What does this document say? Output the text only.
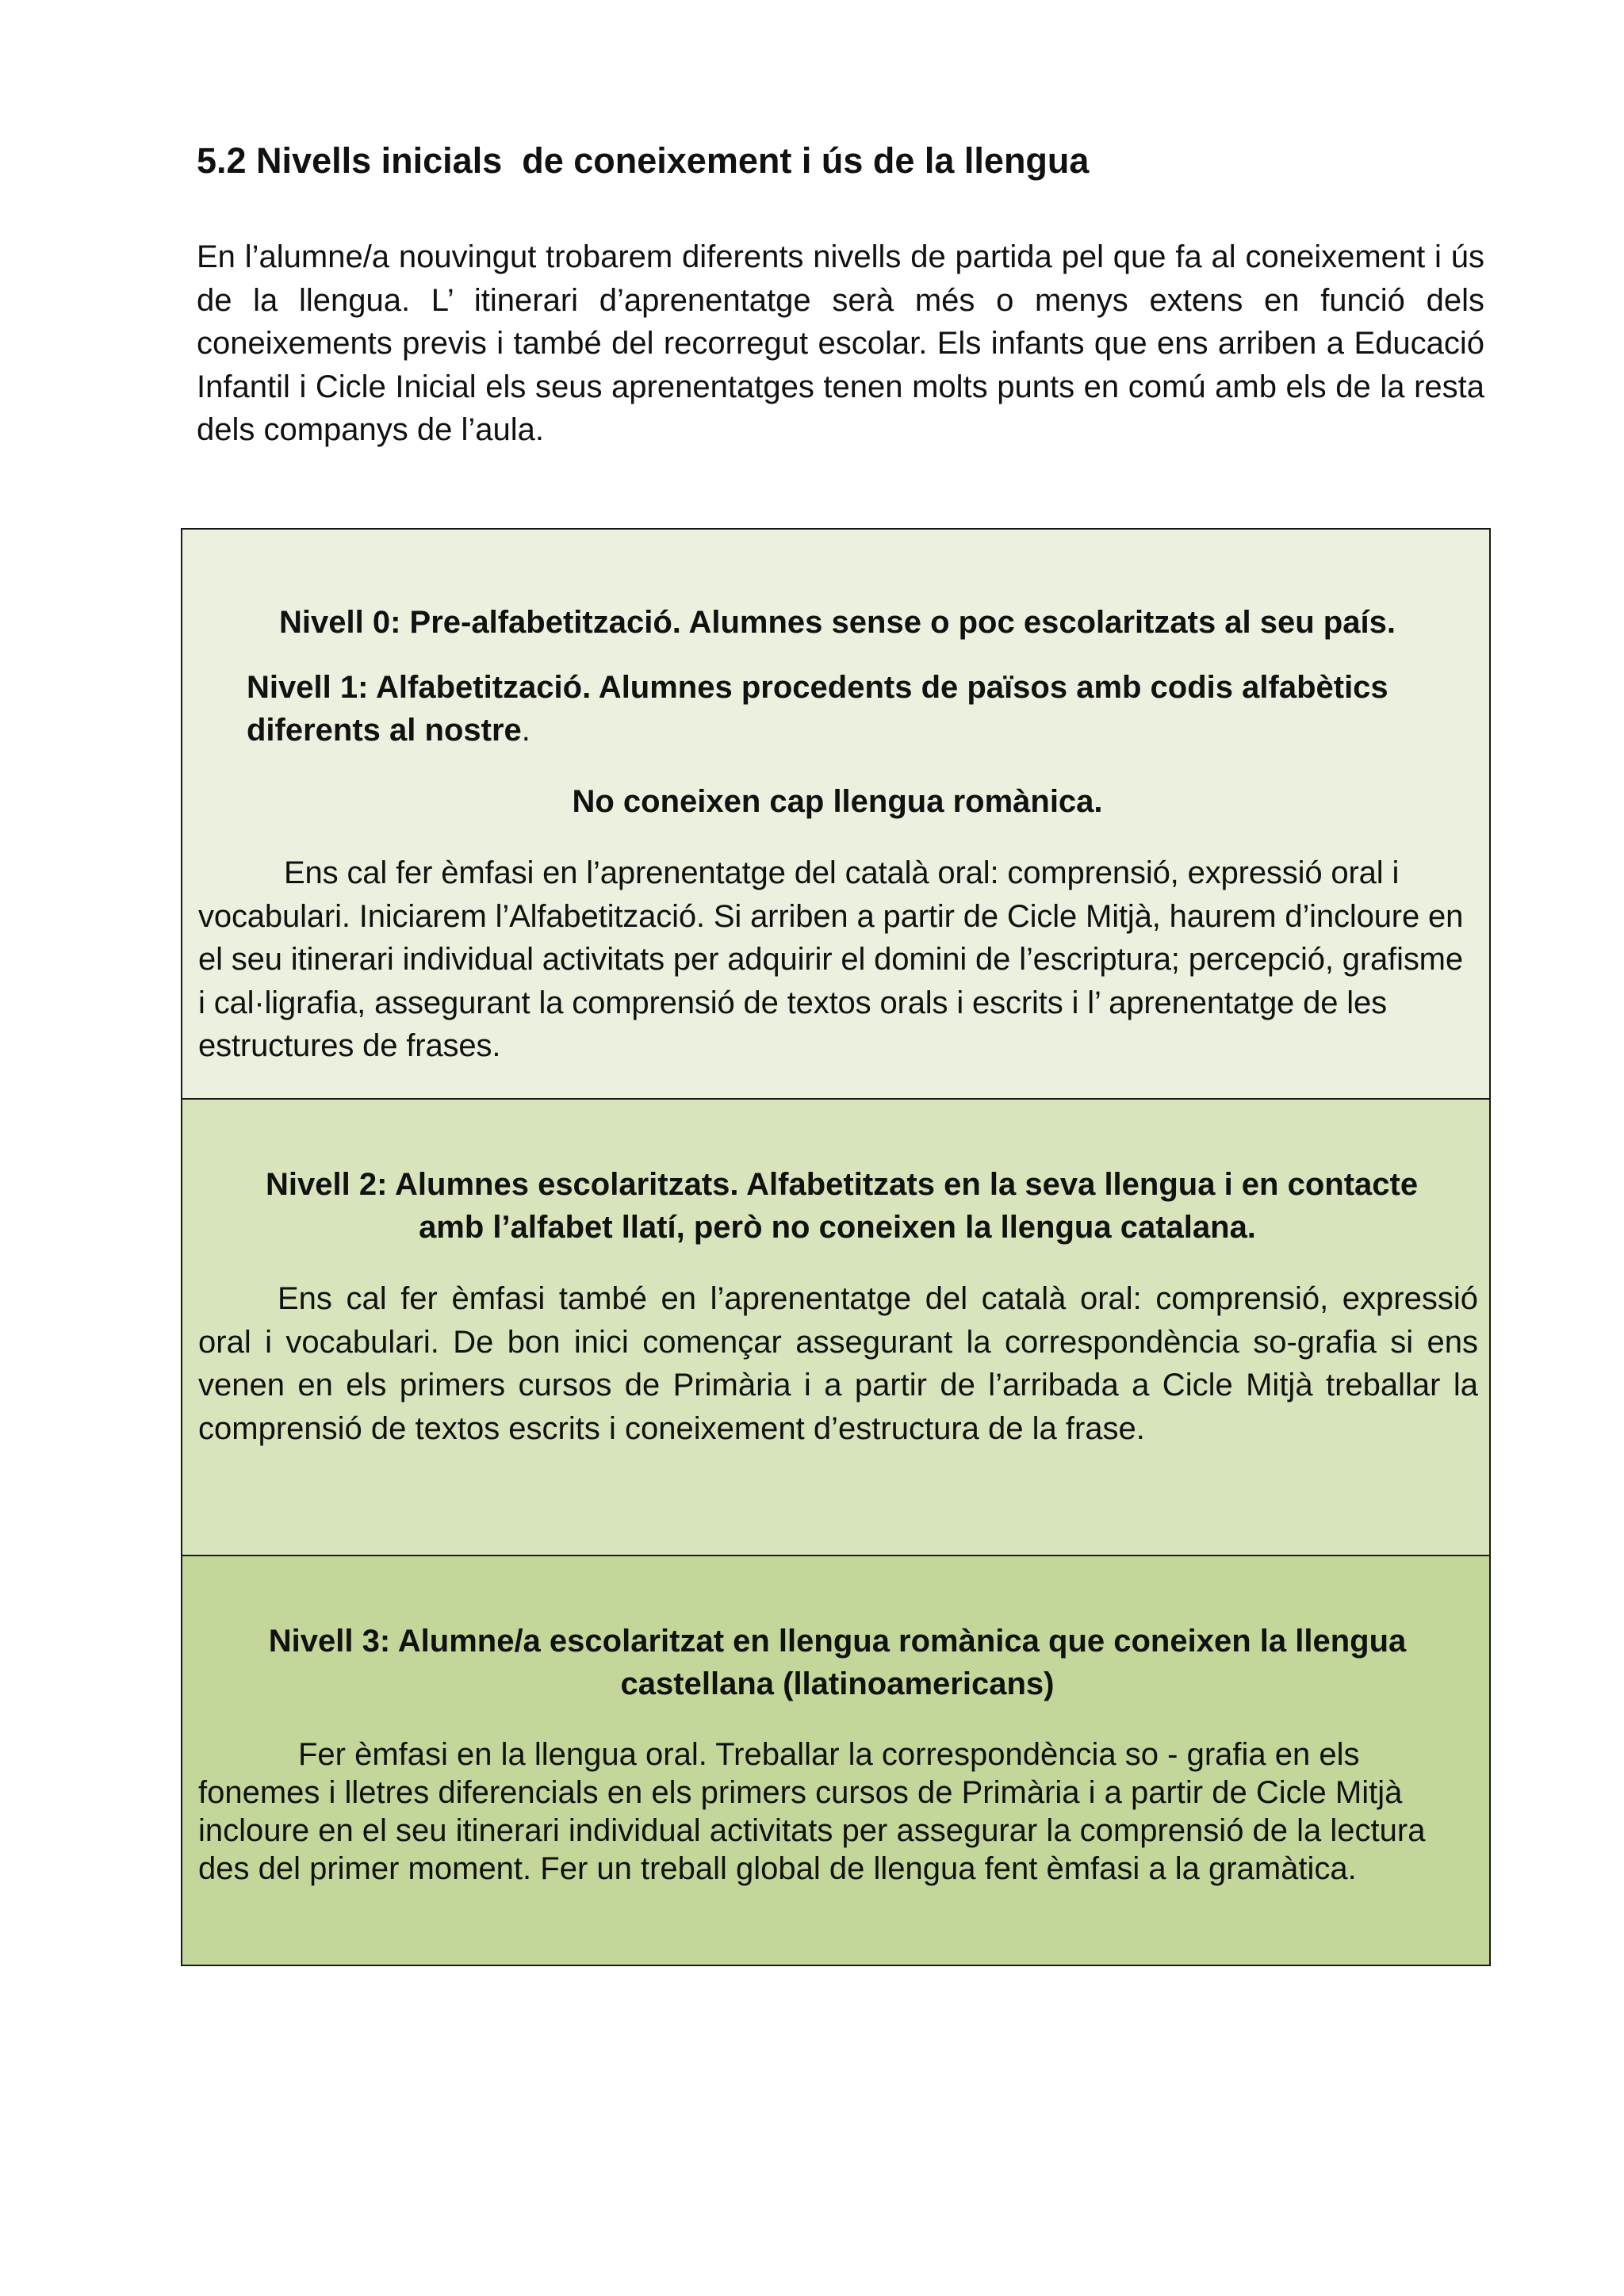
5.2 Nivells inicials  de coneixement i ús de la llengua

En l’alumne/a nouvingut trobarem diferents nivells de partida pel que fa al coneixement i ús de la llengua. L’ itinerari d’aprenentatge serà més o menys extens en funció dels coneixements previs i també del recorregut escolar. Els infants que ens arriben a Educació Infantil i Cicle Inicial els seus aprenentatges tenen molts punts en comú amb els de la resta dels companys de l’aula.

Nivell 0: Pre-alfabetització. Alumnes sense o poc escolaritzats al seu país.

Nivell 1: Alfabetització. Alumnes procedents de països amb codis alfabètics diferents al nostre.

No coneixen cap llengua romànica.

Ens cal fer èmfasi en l’aprenentatge del català oral: comprensió, expressió oral i vocabulari. Iniciarem l’Alfabetització. Si arriben a partir de Cicle Mitjà, haurem d’incloure en el seu itinerari individual activitats per adquirir el domini de l’escriptura; percepció, grafisme i cal·ligrafia, assegurant la comprensió de textos orals i escrits i l’ aprenentatge de les estructures de frases.

Nivell 2: Alumnes escolaritzats. Alfabetitzats en la seva llengua i en contacte

amb l’alfabet llatí, però no coneixen la llengua catalana.

Ens cal fer èmfasi també en l’aprenentatge del català oral: comprensió, expressió oral i vocabulari. De bon inici començar assegurant la correspondència so-grafia si ens venen en els primers cursos de Primària i a partir de l’arribada a Cicle Mitjà treballar la comprensió de textos escrits i coneixement d’estructura de la frase.

Nivell 3: Alumne/a escolaritzat en llengua romànica que coneixen la llengua

castellana (llatinoamericans)

Fer èmfasi en la llengua oral. Treballar la correspondència so - grafia en els fonemes i lletres diferencials en els primers cursos de Primària i a partir de Cicle Mitjà incloure en el seu itinerari individual activitats per assegurar la comprensió de la lectura des del primer moment. Fer un treball global de llengua fent èmfasi a la gramàtica.
